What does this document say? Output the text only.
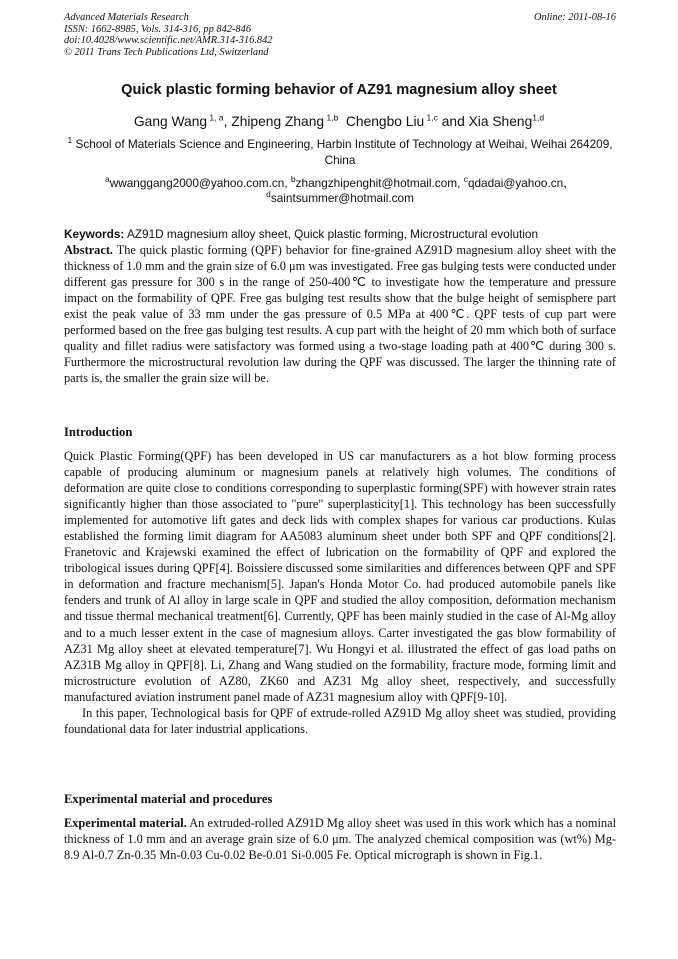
Advanced Materials Research
ISSN: 1662-8985, Vols. 314-316, pp 842-846
doi:10.4028/www.scientific.net/AMR.314-316.842
© 2011 Trans Tech Publications Ltd, Switzerland
Online: 2011-08-16
Quick plastic forming behavior of AZ91 magnesium alloy sheet
Gang Wang $^{1, a}$, Zhipeng Zhang $^{1,b}$  Chengbo Liu $^{1,c}$ and Xia Sheng$^{1,d}$
$^1$ School of Materials Science and Engineering, Harbin Institute of Technology at Weihai, Weihai 264209, China
$^a$wwanggang2000@yahoo.com.cn, $^b$zhangzhipenghit@hotmail.com, $^c$qdadai@yahoo.cn，
$^d$saintsummer@hotmail.com
Keywords: AZ91D magnesium alloy sheet, Quick plastic forming, Microstructural evolution

Abstract. The quick plastic forming (QPF) behavior for fine-grained AZ91D magnesium alloy sheet with the thickness of 1.0 mm and the grain size of 6.0 μm was investigated. Free gas bulging tests were conducted under different gas pressure for 300 s in the range of 250-400℃ to investigate how the temperature and pressure impact on the formability of QPF. Free gas bulging test results show that the bulge height of semisphere part exist the peak value of 33 mm under the gas pressure of 0.5 MPa at 400℃. QPF tests of cup part were performed based on the free gas bulging test results. A cup part with the height of 20 mm which both of surface quality and fillet radius were satisfactory was formed using a two-stage loading path at 400℃ during 300 s. Furthermore the microstructural revolution law during the QPF was discussed. The larger the thinning rate of parts is, the smaller the grain size will be.

Introduction

Quick Plastic Forming(QPF) has been developed in US car manufacturers as a hot blow forming process capable of producing aluminum or magnesium panels at relatively high volumes. The conditions of deformation are quite close to conditions corresponding to superplastic forming(SPF) with however strain rates significantly higher than those associated to "pure" superplasticity[1]. This technology has been successfully implemented for automotive lift gates and deck lids with complex shapes for various car productions. Kulas established the forming limit diagram for AA5083 aluminum sheet under both SPF and QPF conditions[2]. Franetovic and Krajewski examined the effect of lubrication on the formability of QPF and explored the tribological issues during QPF[4]. Boissiere discussed some similarities and differences between QPF and SPF in deformation and fracture mechanism[5]. Japan's Honda Motor Co. had produced automobile panels like fenders and trunk of Al alloy in large scale in QPF and studied the alloy composition, deformation mechanism and tissue thermal mechanical treatment[6]. Currently, QPF has been mainly studied in the case of Al-Mg alloy and to a much lesser extent in the case of magnesium alloys. Carter investigated the gas blow formability of AZ31 Mg alloy sheet at elevated temperature[7]. Wu Hongyi et al. illustrated the effect of gas load paths on AZ31B Mg alloy in QPF[8]. Li, Zhang and Wang studied on the formability, fracture mode, forming limit and microstructure evolution of AZ80, ZK60 and AZ31 Mg alloy sheet, respectively, and successfully manufactured aviation instrument panel made of AZ31 magnesium alloy with QPF[9-10].

In this paper, Technological basis for QPF of extrude-rolled AZ91D Mg alloy sheet was studied, providing foundational data for later industrial applications.

Experimental material and procedures

Experimental material. An extruded-rolled AZ91D Mg alloy sheet was used in this work which has a nominal thickness of 1.0 mm and an average grain size of 6.0 μm. The analyzed chemical composition was (wt%) Mg-8.9 Al-0.7 Zn-0.35 Mn-0.03 Cu-0.02 Be-0.01 Si-0.005 Fe. Optical micrograph is shown in Fig.1.
